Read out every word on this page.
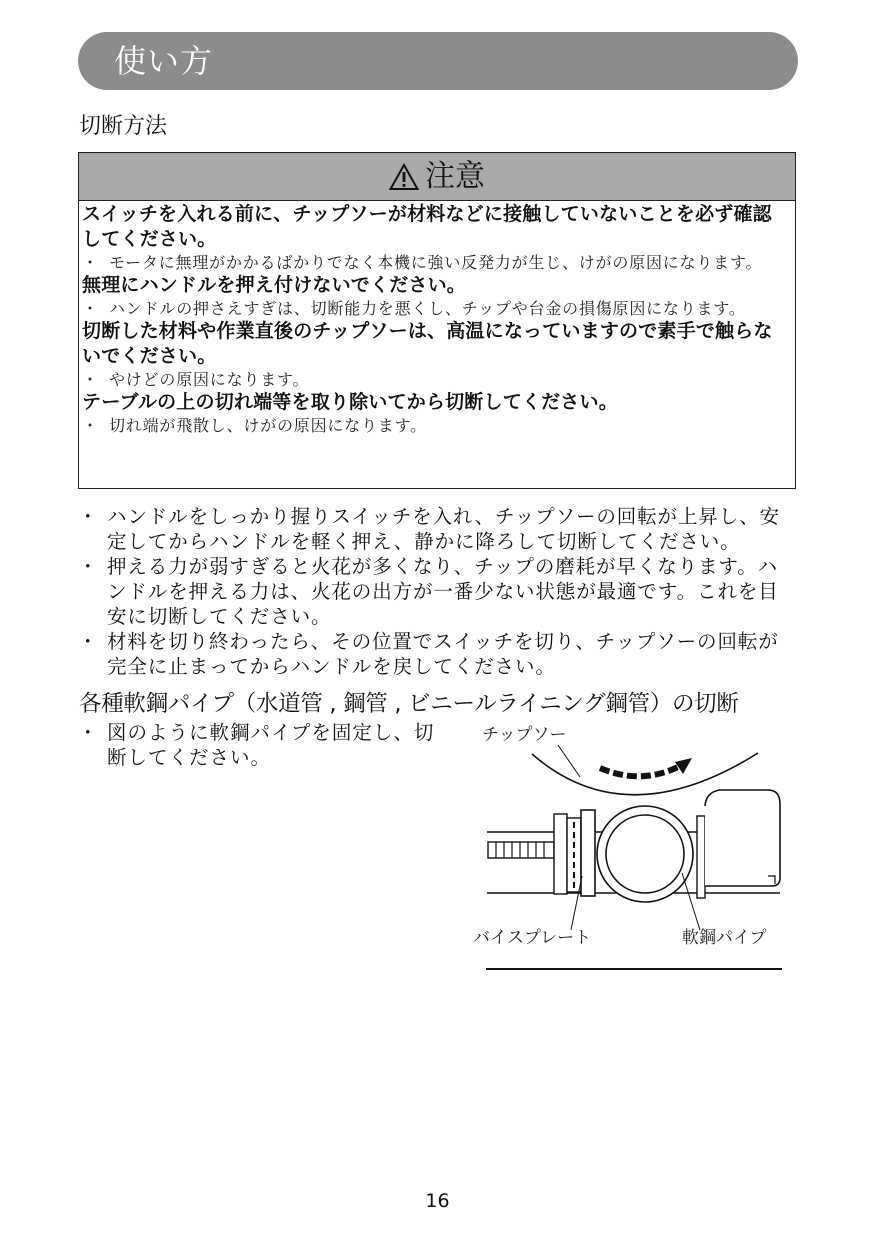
使い方
切断方法
注意
スイッチを入れる前に、チップソーが材料などに接触していないことを必ず確認してください。
・ モータに無理がかかるばかりでなく本機に強い反発力が生じ、けがの原因になります。
無理にハンドルを押え付けないでください。
・ ハンドルの押さえすぎは、切断能力を悪くし、チップや台金の損傷原因になります。
切断した材料や作業直後のチップソーは、高温になっていますので素手で触らないでください。
・ やけどの原因になります。
テーブルの上の切れ端等を取り除いてから切断してください。
・ 切れ端が飛散し、けがの原因になります。
・ ハンドルをしっかり握りスイッチを入れ、チップソーの回転が上昇し、安定してからハンドルを軽く押え、静かに降ろして切断してください。
・ 押える力が弱すぎると火花が多くなり、チップの磨耗が早くなります。ハンドルを押える力は、火花の出方が一番少ない状態が最適です。これを目安に切断してください。
・ 材料を切り終わったら、その位置でスイッチを切り、チップソーの回転が完全に止まってからハンドルを戻してください。
各種軟鋼パイプ（水道管 , 鋼管 , ビニールライニング鋼管）の切断
・ 図のように軟鋼パイプを固定し、切断してください。
チップソー
バイスプレート	軟鋼パイプ
16
